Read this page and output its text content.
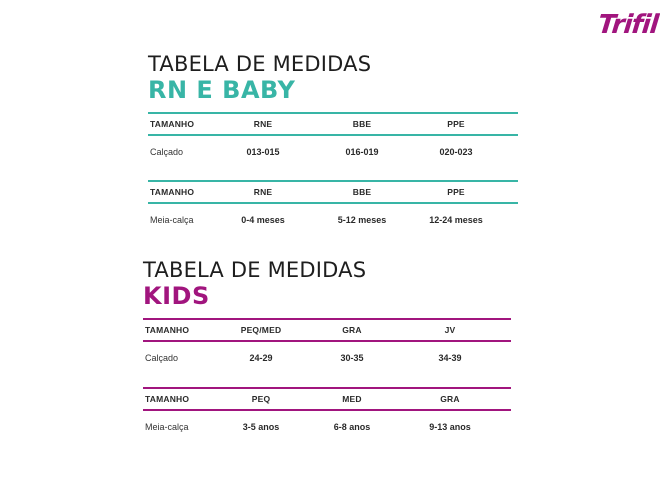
Trifil
TABELA DE MEDIDAS
RN E BABY
TAMANHO	RNE	BBE	PPE
Calçado	013-015	016-019	020-023
TAMANHO	RNE	BBE	PPE
Meia-calça	0-4 meses	5-12 meses	12-24 meses
TABELA DE MEDIDAS
KIDS
TAMANHO	PEQ/MED	GRA	JV
Calçado	24-29	30-35	34-39
TAMANHO	PEQ	MED	GRA
Meia-calça	3-5 anos	6-8 anos	9-13 anos
